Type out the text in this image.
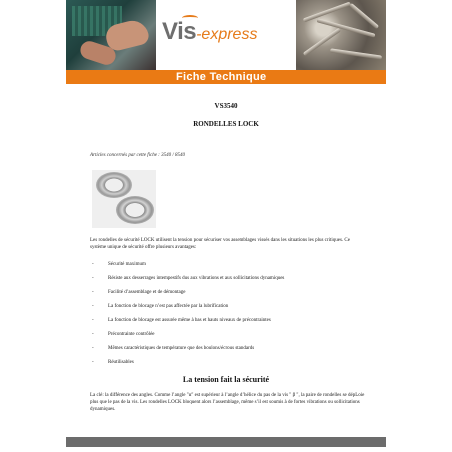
Vis-express
Fiche Technique
VS3540
RONDELLES LOCK
Articles concernés par cette fiche : 3540 / 8540

Les rondelles de sécurité LOCK utilisent la tension pour sécuriser vos assemblages vissés dans les situations les plus critiques. Ce système unique de sécurité offre plusieurs avantages:

-	Sécurité maximum
-	Résiste aux desserrages intempestifs dus aux vibrations et aux sollicitations dynamiques
-	Facilité d’assemblage et de démontage
-	La fonction de blocage n’est pas affectée par la lubrification
-	La fonction de blocage est assurée même à bas et hauts niveaux de précontraintes
-	Précontrainte contrôlée
-	Mêmes caractéristiques de température que des boulons/écrous standards
-	Réutilisables
La tension fait la sécurité

La clé: la différence des angles. Comme l’angle "α" est supérieur à l’angle d’hélice du pas de la vis " β ", la paire de rondelles se dépLoie plus que le pas de la vis. Les rondelles LOCK bloquent alors l’assemblage, même s’il est soumis à de fortes vibrations ou sollicitations dynamiques.
